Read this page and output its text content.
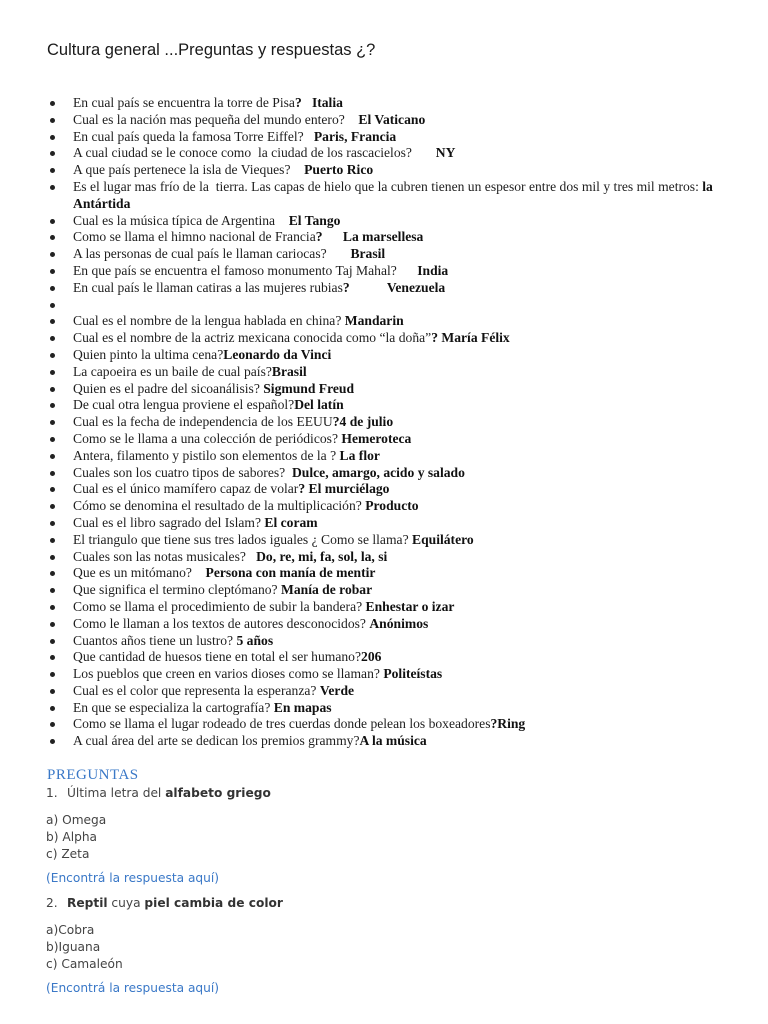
Cultura general ...Preguntas y respuestas ¿?
En cual país se encuentra la torre de Pisa?   Italia
Cual es la nación mas pequeña del mundo entero?    El Vaticano
En cual país queda la famosa Torre Eiffel?   Paris, Francia
A cual ciudad se le conoce como  la ciudad de los rascacielos?       NY
A que país pertenece la isla de Vieques?    Puerto Rico
Es el lugar mas frío de la  tierra. Las capas de hielo que la cubren tienen un espesor entre dos mil y tres mil metros: la Antártida
Cual es la música típica de Argentina    El Tango
Como se llama el himno nacional de Francia?      La marsellesa
A las personas de cual país le llaman cariocas?       Brasil
En que país se encuentra el famoso monumento Taj Mahal?      India
En cual país le llaman catiras a las mujeres rubias?           Venezuela

Cual es el nombre de la lengua hablada en china? Mandarin
Cual es el nombre de la actriz mexicana conocida como “la doña”? María Félix
Quien pinto la ultima cena?Leonardo da Vinci
La capoeira es un baile de cual país?Brasil
Quien es el padre del sicoanálisis? Sigmund Freud
De cual otra lengua proviene el español?Del latín
Cual es la fecha de independencia de los EEUU?4 de julio
Como se le llama a una colección de periódicos? Hemeroteca
Antera, filamento y pistilo son elementos de la ? La flor
Cuales son los cuatro tipos de sabores?  Dulce, amargo, acido y salado
Cual es el único mamífero capaz de volar? El murciélago
Cómo se denomina el resultado de la multiplicación? Producto
Cual es el libro sagrado del Islam? El coram
El triangulo que tiene sus tres lados iguales ¿ Como se llama? Equilátero
Cuales son las notas musicales?   Do, re, mi, fa, sol, la, si
Que es un mitómano?    Persona con manía de mentir
Que significa el termino cleptómano? Manía de robar
Como se llama el procedimiento de subir la bandera? Enhestar o izar
Como le llaman a los textos de autores desconocidos? Anónimos
Cuantos años tiene un lustro? 5 años
Que cantidad de huesos tiene en total el ser humano?206
Los pueblos que creen en varios dioses como se llaman? Politeístas
Cual es el color que representa la esperanza? Verde
En que se especializa la cartografía? En mapas
Como se llama el lugar rodeado de tres cuerdas donde pelean los boxeadores?Ring
A cual área del arte se dedican los premios grammy?A la música
PREGUNTAS
1. Última letra del alfabeto griego
a) Omega
b) Alpha
c) Zeta
(Encontrá la respuesta aquí)
2. Reptil cuya piel cambia de color
a)Cobra
b)Iguana
c) Camaleón
(Encontrá la respuesta aquí)
